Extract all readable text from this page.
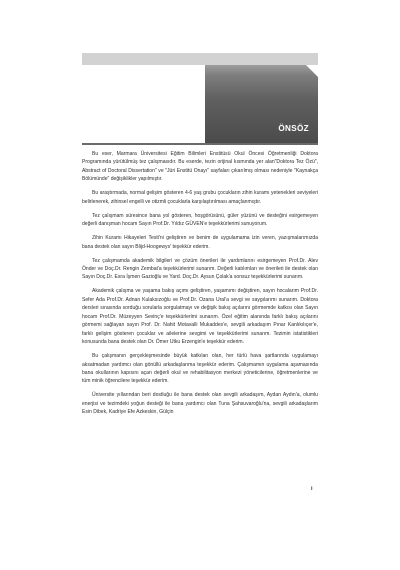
ÖNSÖZ

Bu eser, Marmara Üniversitesi Eğitim Bilimleri Enstitüsü Okul Öncesi Öğretmenliği Doktora Programında yürütülmüş tez çalışmasıdır. Bu eserde, tezin orijinal kısmında yer alan"Doktora Tez Özü", Abstract of Doctoral Dissertation" ve "Jüri Enstitü Onayı" sayfaları çıkarılmış olması nedeniyle "Kaynakça Bölümünde" değişiklikler yapılmıştır.

Bu araştırmada, normal gelişim gösteren 4-6 yaş grubu çocukların zihin kuramı yetenekleri seviyeleri belirlenerek, zihinsel engelli ve otizmli çocuklarla karşılaştırılması amaçlanmıştır.

Tez çalışmam süresince bana yol gösteren, hoşgörüsünü, güler yüzünü ve desteğini esirgemeyen değerli danışman hocam Sayın Prof.Dr. Yıldız GÜVEN'e teşekkürlerimi sunuyorum.

Zihin Kuramı Hikayeleri Testi'ni geliştiren ve benim de uygulamama izin veren, yazışmalarımızda bana destek olan sayın Blijd-Hoogewys' teşekkür ederim.

Tez çalışmamda akademik bilgileri ve çözüm önerileri ile yardımlarını esirgemeyen Prof.Dr. Alev Önder ve Doç.Dr. Rengin Zembat'a teşekkürlerimi sunarım. Değerli katılımları ve önerileri ile destek olan Sayın Doç.Dr. Esra İşmen Gazioğlu ve Yard. Doç.Dr. Aysun Çolak'a sonsuz teşekkürlerimi sunarım.

Akademik çalışma ve yaşama bakış açımı geliştiren, yaşamımı değiştiren, sayın hocalarım Prof.Dr. Sefer Ada Prof.Dr. Adnan Kulaksızoğlu ve Prof.Dr. Ozana Ural'a sevgi ve saygılarımı sunarım. Doktora dersleri sırasında sorduğu sorularla sorgulatmayı ve değişik bakış açılarını görmemde katkısı olan Sayın hocam Prof.Dr. Müzeyyen Sevinç'e teşekkürlerimi sunarım. Özel eğitim alanında farklı bakış açılarını görmemi sağlayan sayın Prof. Dr. Nahit Motavalli Mukaddes'e, sevgili arkadaşım Pınar Kanlıkılıçer'e, farklı gelişim gösteren çocuklar ve ailelerine sevgimi ve teşekkürlerimi sunarım. Tezimin istatistikleri konusunda bana destek olan Dr. Ömer Utku Erzengin'e teşekkür ederim.

Bu çalışmanın gerçekleşmesinde büyük katkıları olan, her türlü hava şartlarında uygulamayı aksatmadan yardımcı olan gönüllü arkadaşlarıma teşekkür ederim. Çalışmamın uygulama aşamasında bana okullarının kapısını açan değerli okul ve rehabilitasyon merkezi yöneticilerine, öğretmenlerine ve tüm minik öğrencilere teşekkür ederim.

Üniversite yıllarından beri dostluğu ile bana destek olan sevgili arkadaşım, Aydan Aydın'a, olumlu enerjisi ve tezimdeki yoğun desteği ile bana yardımcı olan Tuna Şahsuvaroğlu'na, sevgili arkadaşlarım Esin Dibek, Kadriye Efe Azkeskin, Gülçin

i
